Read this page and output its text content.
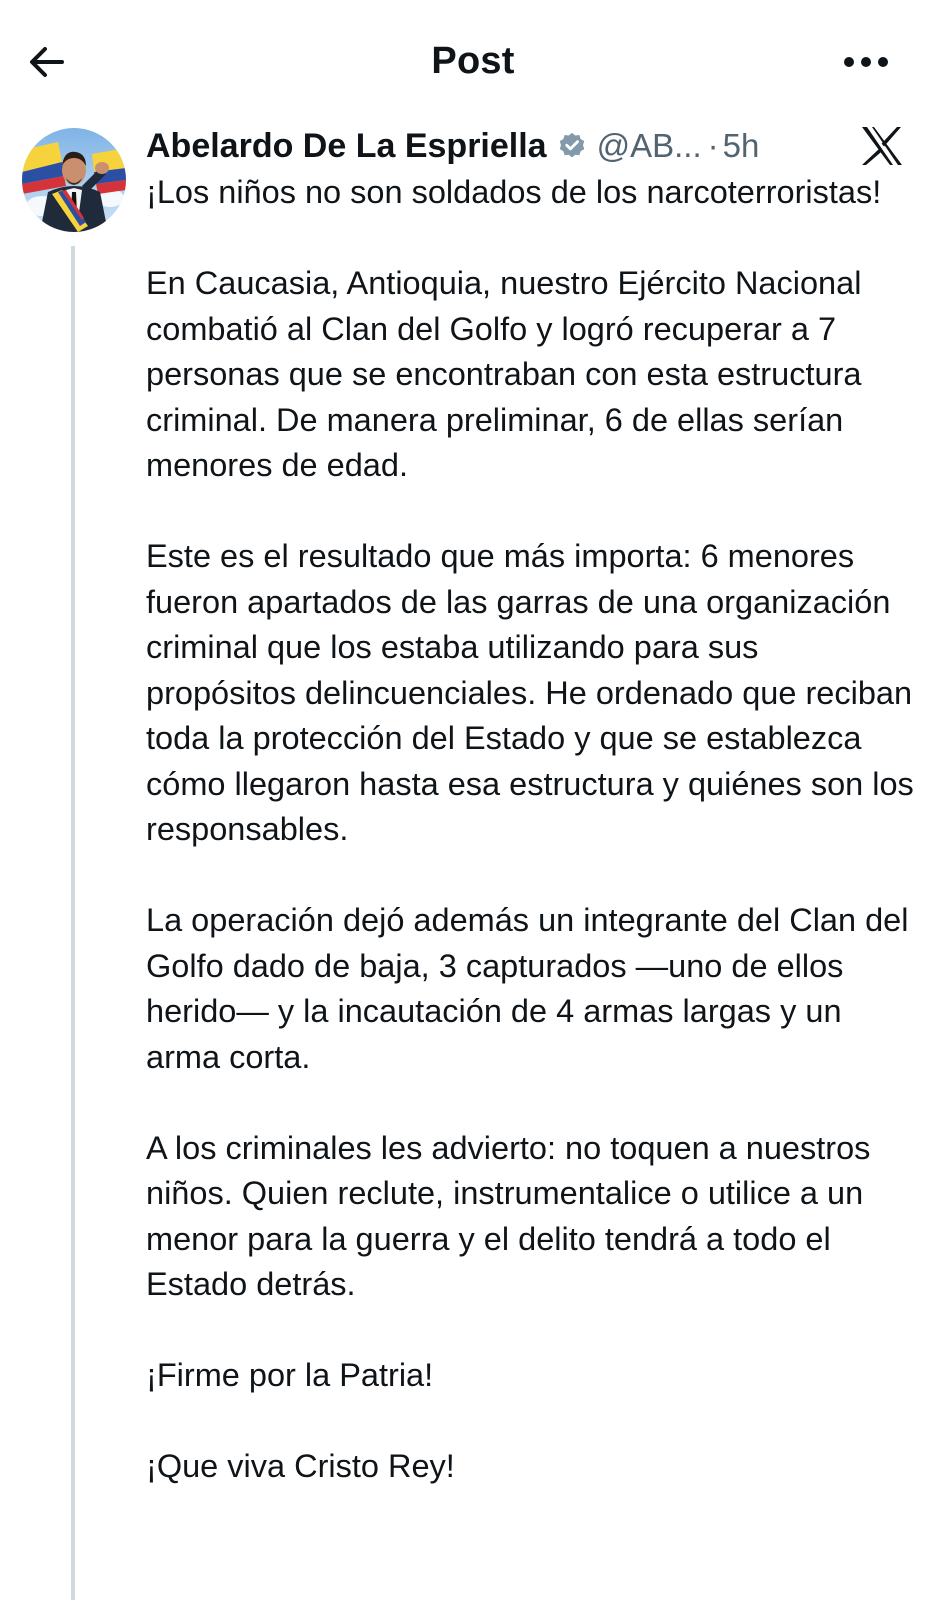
Post
Abelardo De La Espriella @AB... · 5h

¡Los niños no son soldados de los narcoterroristas!

En Caucasia, Antioquia, nuestro Ejército Nacional combatió al Clan del Golfo y logró recuperar a 7 personas que se encontraban con esta estructura criminal. De manera preliminar, 6 de ellas serían menores de edad.

Este es el resultado que más importa: 6 menores fueron apartados de las garras de una organización criminal que los estaba utilizando para sus propósitos delincuenciales. He ordenado que reciban toda la protección del Estado y que se establezca cómo llegaron hasta esa estructura y quiénes son los responsables.

La operación dejó además un integrante del Clan del Golfo dado de baja, 3 capturados —uno de ellos herido— y la incautación de 4 armas largas y un arma corta.

A los criminales les advierto: no toquen a nuestros niños. Quien reclute, instrumentalice o utilice a un menor para la guerra y el delito tendrá a todo el Estado detrás.

¡Firme por la Patria!

¡Que viva Cristo Rey!
